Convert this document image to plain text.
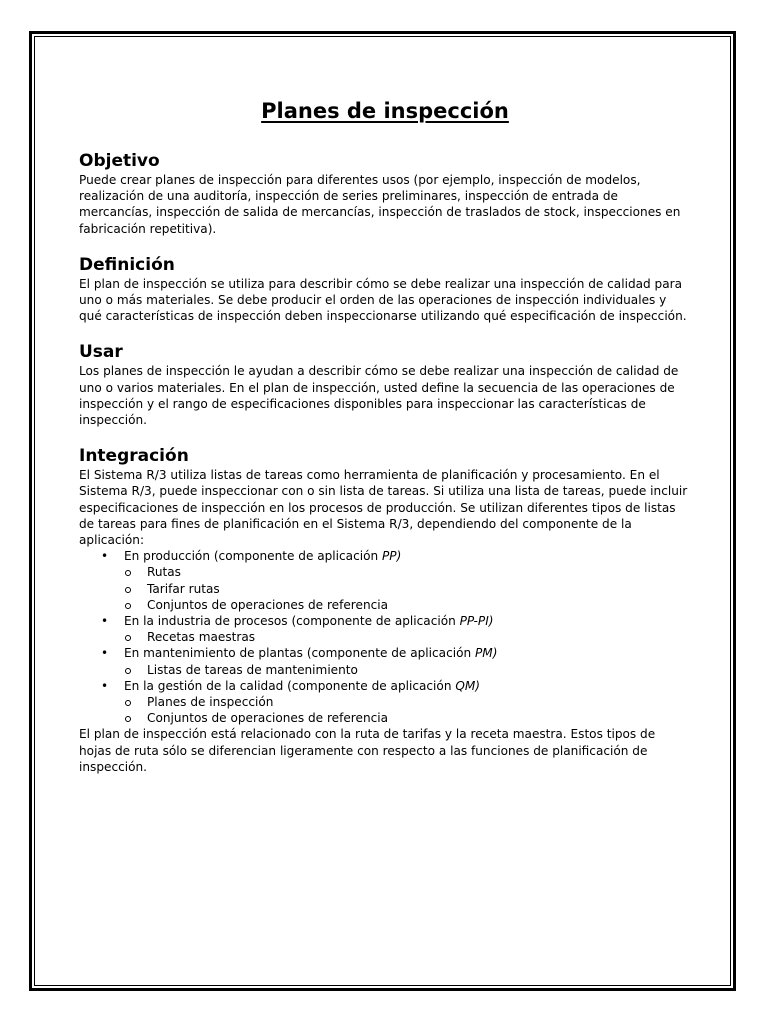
Planes de inspección
Objetivo

Puede crear planes de inspección para diferentes usos (por ejemplo, inspección de modelos, realización de una auditoría, inspección de series preliminares, inspección de entrada de mercancías, inspección de salida de mercancías, inspección de traslados de stock, inspecciones en fabricación repetitiva).

Definición

El plan de inspección se utiliza para describir cómo se debe realizar una inspección de calidad para uno o más materiales. Se debe producir el orden de las operaciones de inspección individuales y qué características de inspección deben inspeccionarse utilizando qué especificación de inspección.

Usar

Los planes de inspección le ayudan a describir cómo se debe realizar una inspección de calidad de uno o varios materiales. En el plan de inspección, usted define la secuencia de las operaciones de inspección y el rango de especificaciones disponibles para inspeccionar las características de inspección.

Integración

El Sistema R/3 utiliza listas de tareas como herramienta de planificación y procesamiento. En el Sistema R/3, puede inspeccionar con o sin lista de tareas. Si utiliza una lista de tareas, puede incluir especificaciones de inspección en los procesos de producción. Se utilizan diferentes tipos de listas de tareas para fines de planificación en el Sistema R/3, dependiendo del componente de la aplicación:

• En producción (componente de aplicación PP)
Rutas
Tarifar rutas
Conjuntos de operaciones de referencia
• En la industria de procesos (componente de aplicación PP-PI)
Recetas maestras
• En mantenimiento de plantas (componente de aplicación PM)
Listas de tareas de mantenimiento
• En la gestión de la calidad (componente de aplicación QM)
Planes de inspección
Conjuntos de operaciones de referencia

El plan de inspección está relacionado con la ruta de tarifas y la receta maestra. Estos tipos de hojas de ruta sólo se diferencian ligeramente con respecto a las funciones de planificación de inspección.
